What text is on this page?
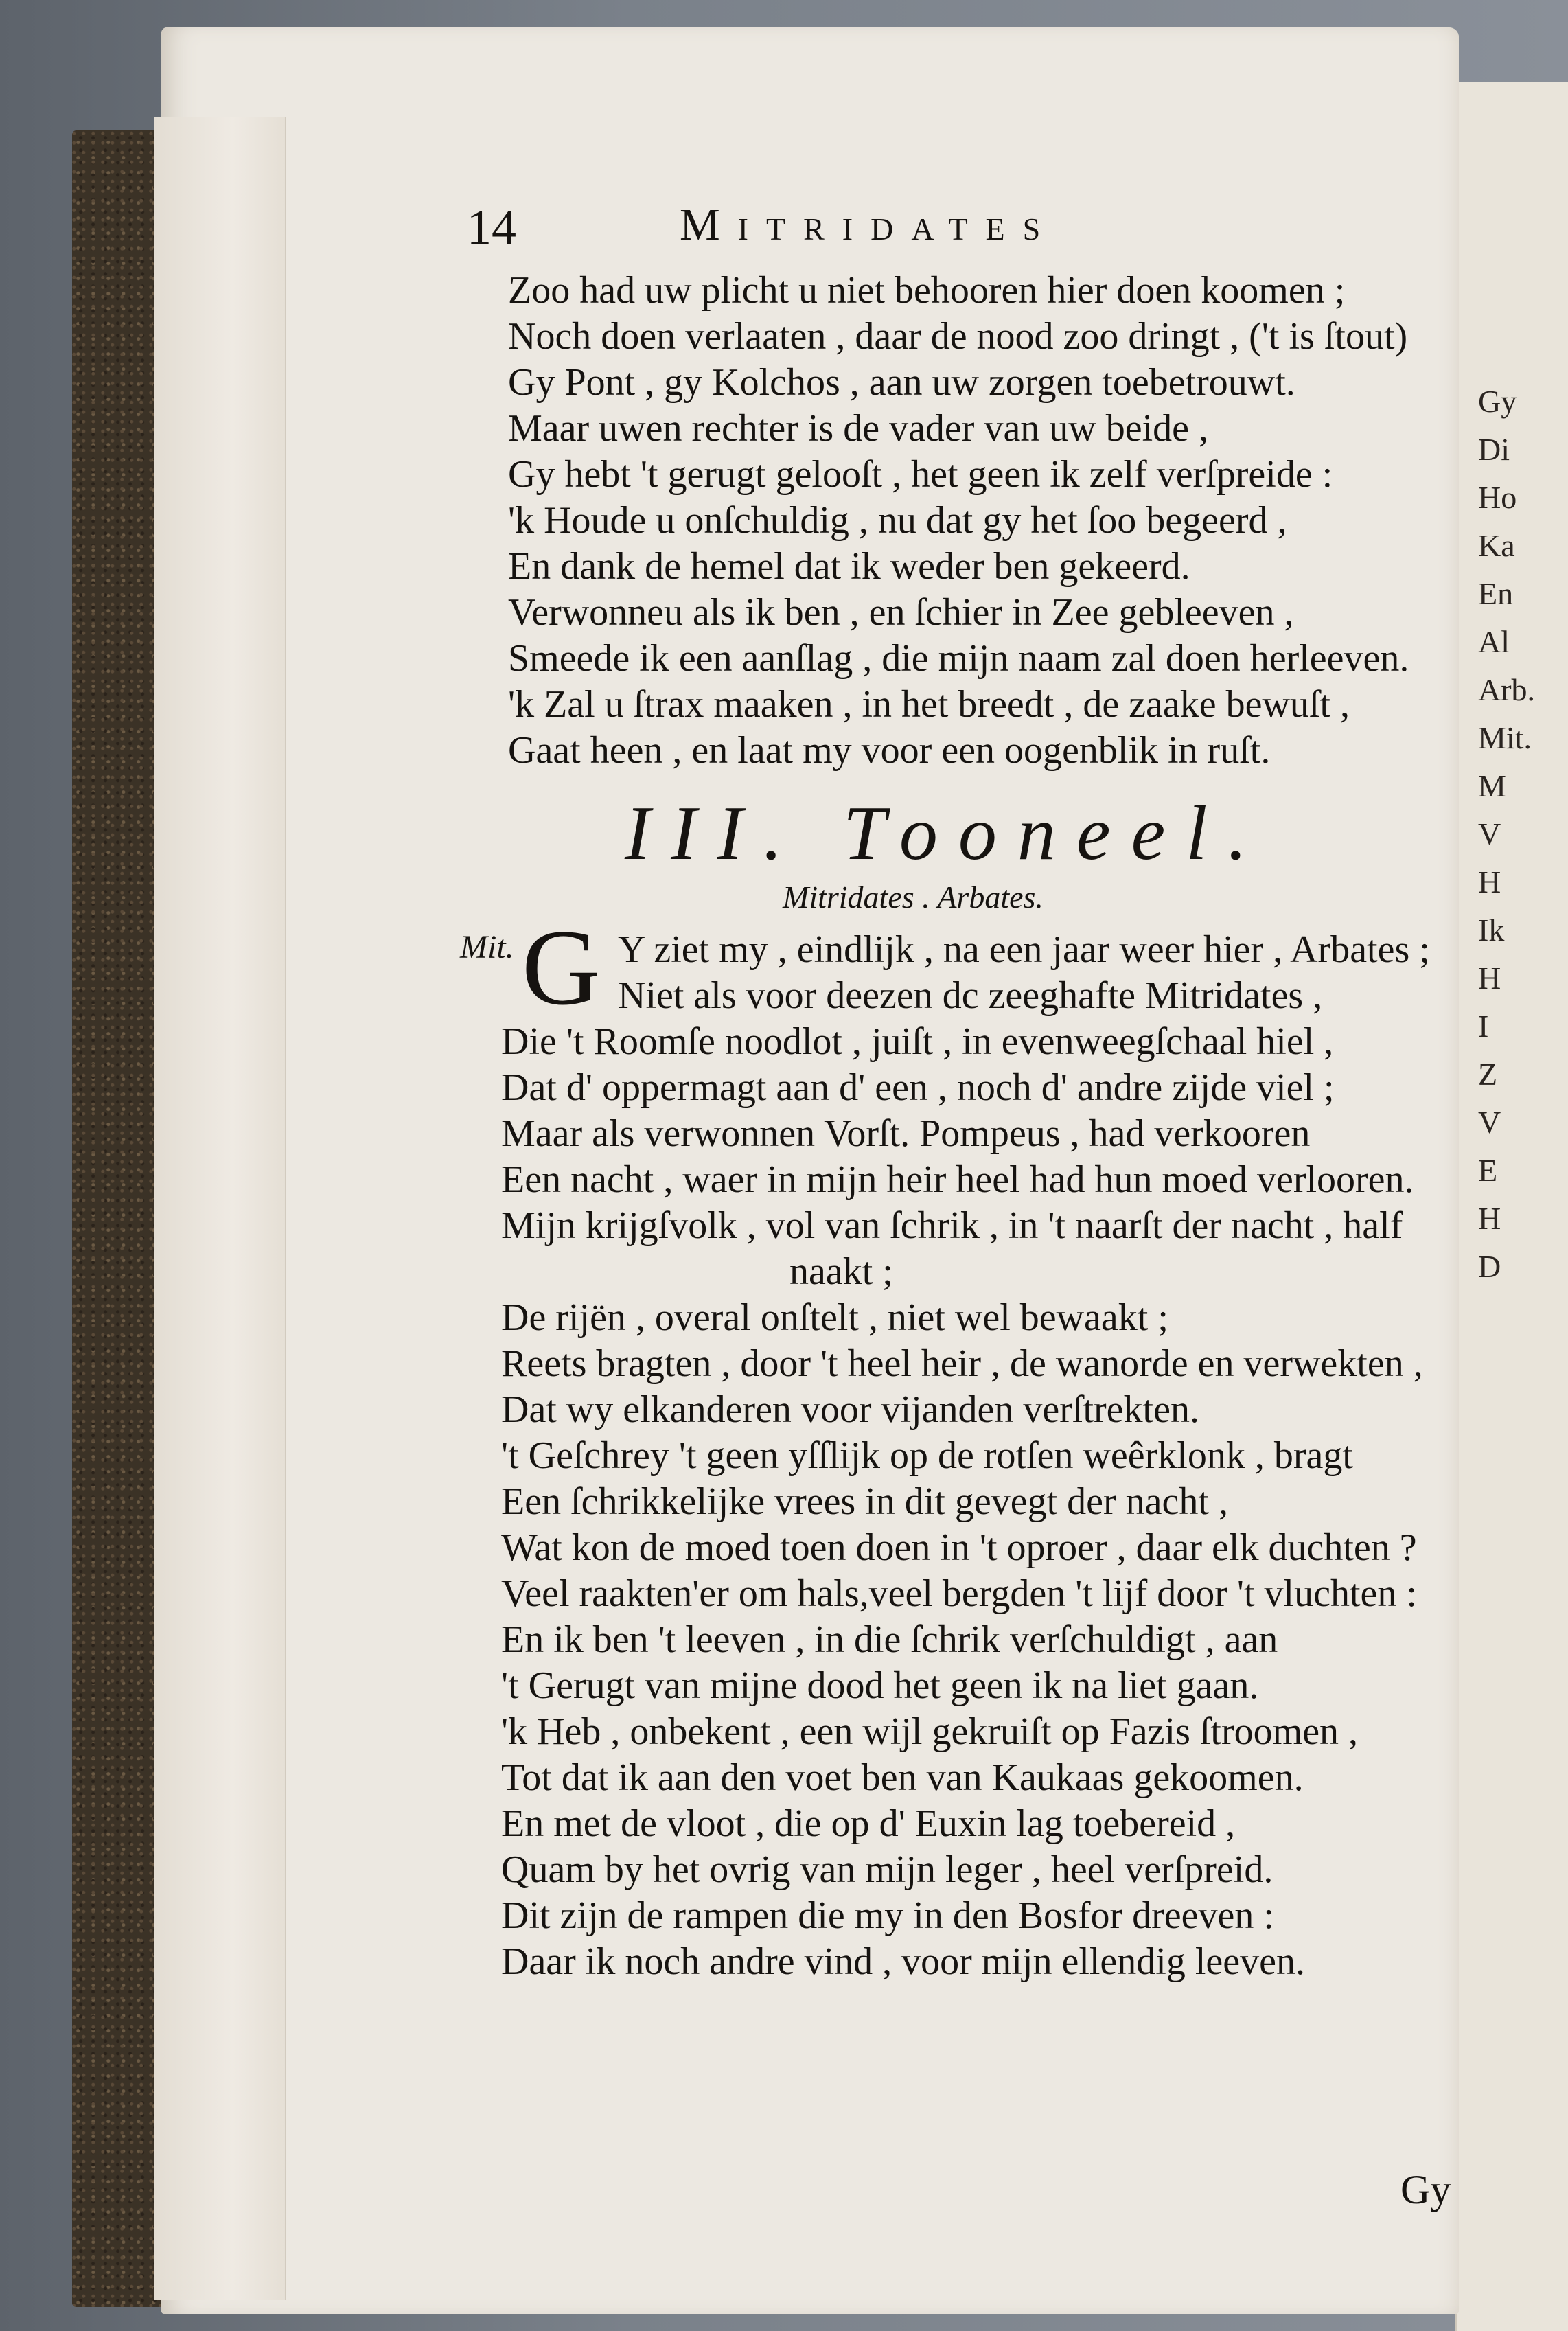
Gy
Di
Ho
Ka
En
Al
Arb.
Mit.
M
V
H
Ik
H
I
Z
V
E
H
D
14	Mitridates
Zoo had uw plicht u niet behooren hier doen koomen ;
Noch doen verlaaten , daar de nood zoo dringt , ('t is ſtout)
Gy Pont , gy Kolchos , aan uw zorgen toebetrouwt.
Maar uwen rechter is de vader van uw beide ,
Gy hebt 't gerugt gelooſt , het geen ik zelf verſpreide :
'k Houde u onſchuldig , nu dat gy het ſoo begeerd ,
En dank de hemel dat ik weder ben gekeerd.
Verwonneu als ik ben , en ſchier in Zee gebleeven ,
Smeede ik een aanſlag , die mijn naam zal doen herleeven.
'k Zal u ſtrax maaken , in het breedt , de zaake bewuſt ,
Gaat heen , en laat my voor een oogenblik in ruſt.
III. Tooneel.
Mitridates . Arbates.
Mit. G Y ziet my , eindlijk , na een jaar weer hier , Arbates ;
Niet als voor deezen dc zeeghafte Mitridates ,
Die 't Roomſe noodlot , juiſt , in evenweegſchaal hiel ,
Dat d' oppermagt aan d' een , noch d' andre zijde viel ;
Maar als verwonnen Vorſt. Pompeus , had verkooren
Een nacht , waer in mijn heir heel had hun moed verlooren.
Mijn krijgſvolk , vol van ſchrik , in 't naarſt der nacht , half
naakt ;
De rijën , overal onſtelt , niet wel bewaakt ;
Reets bragten , door 't heel heir , de wanorde en verwekten ,
Dat wy elkanderen voor vijanden verſtrekten.
't Geſchrey 't geen yſſlijk op de rotſen weêrklonk , bragt
Een ſchrikkelijke vrees in dit gevegt der nacht ,
Wat kon de moed toen doen in 't oproer , daar elk duchten ?
Veel raakten'er om hals,veel bergden 't lijf door 't vluchten :
En ik ben 't leeven , in die ſchrik verſchuldigt , aan
't Gerugt van mijne dood het geen ik na liet gaan.
'k Heb , onbekent , een wijl gekruiſt op Fazis ſtroomen ,
Tot dat ik aan den voet ben van Kaukaas gekoomen.
En met de vloot , die op d' Euxin lag toebereid ,
Quam by het ovrig van mijn leger , heel verſpreid.
Dit zijn de rampen die my in den Bosfor dreeven :
Daar ik noch andre vind , voor mijn ellendig leeven.
Gy
